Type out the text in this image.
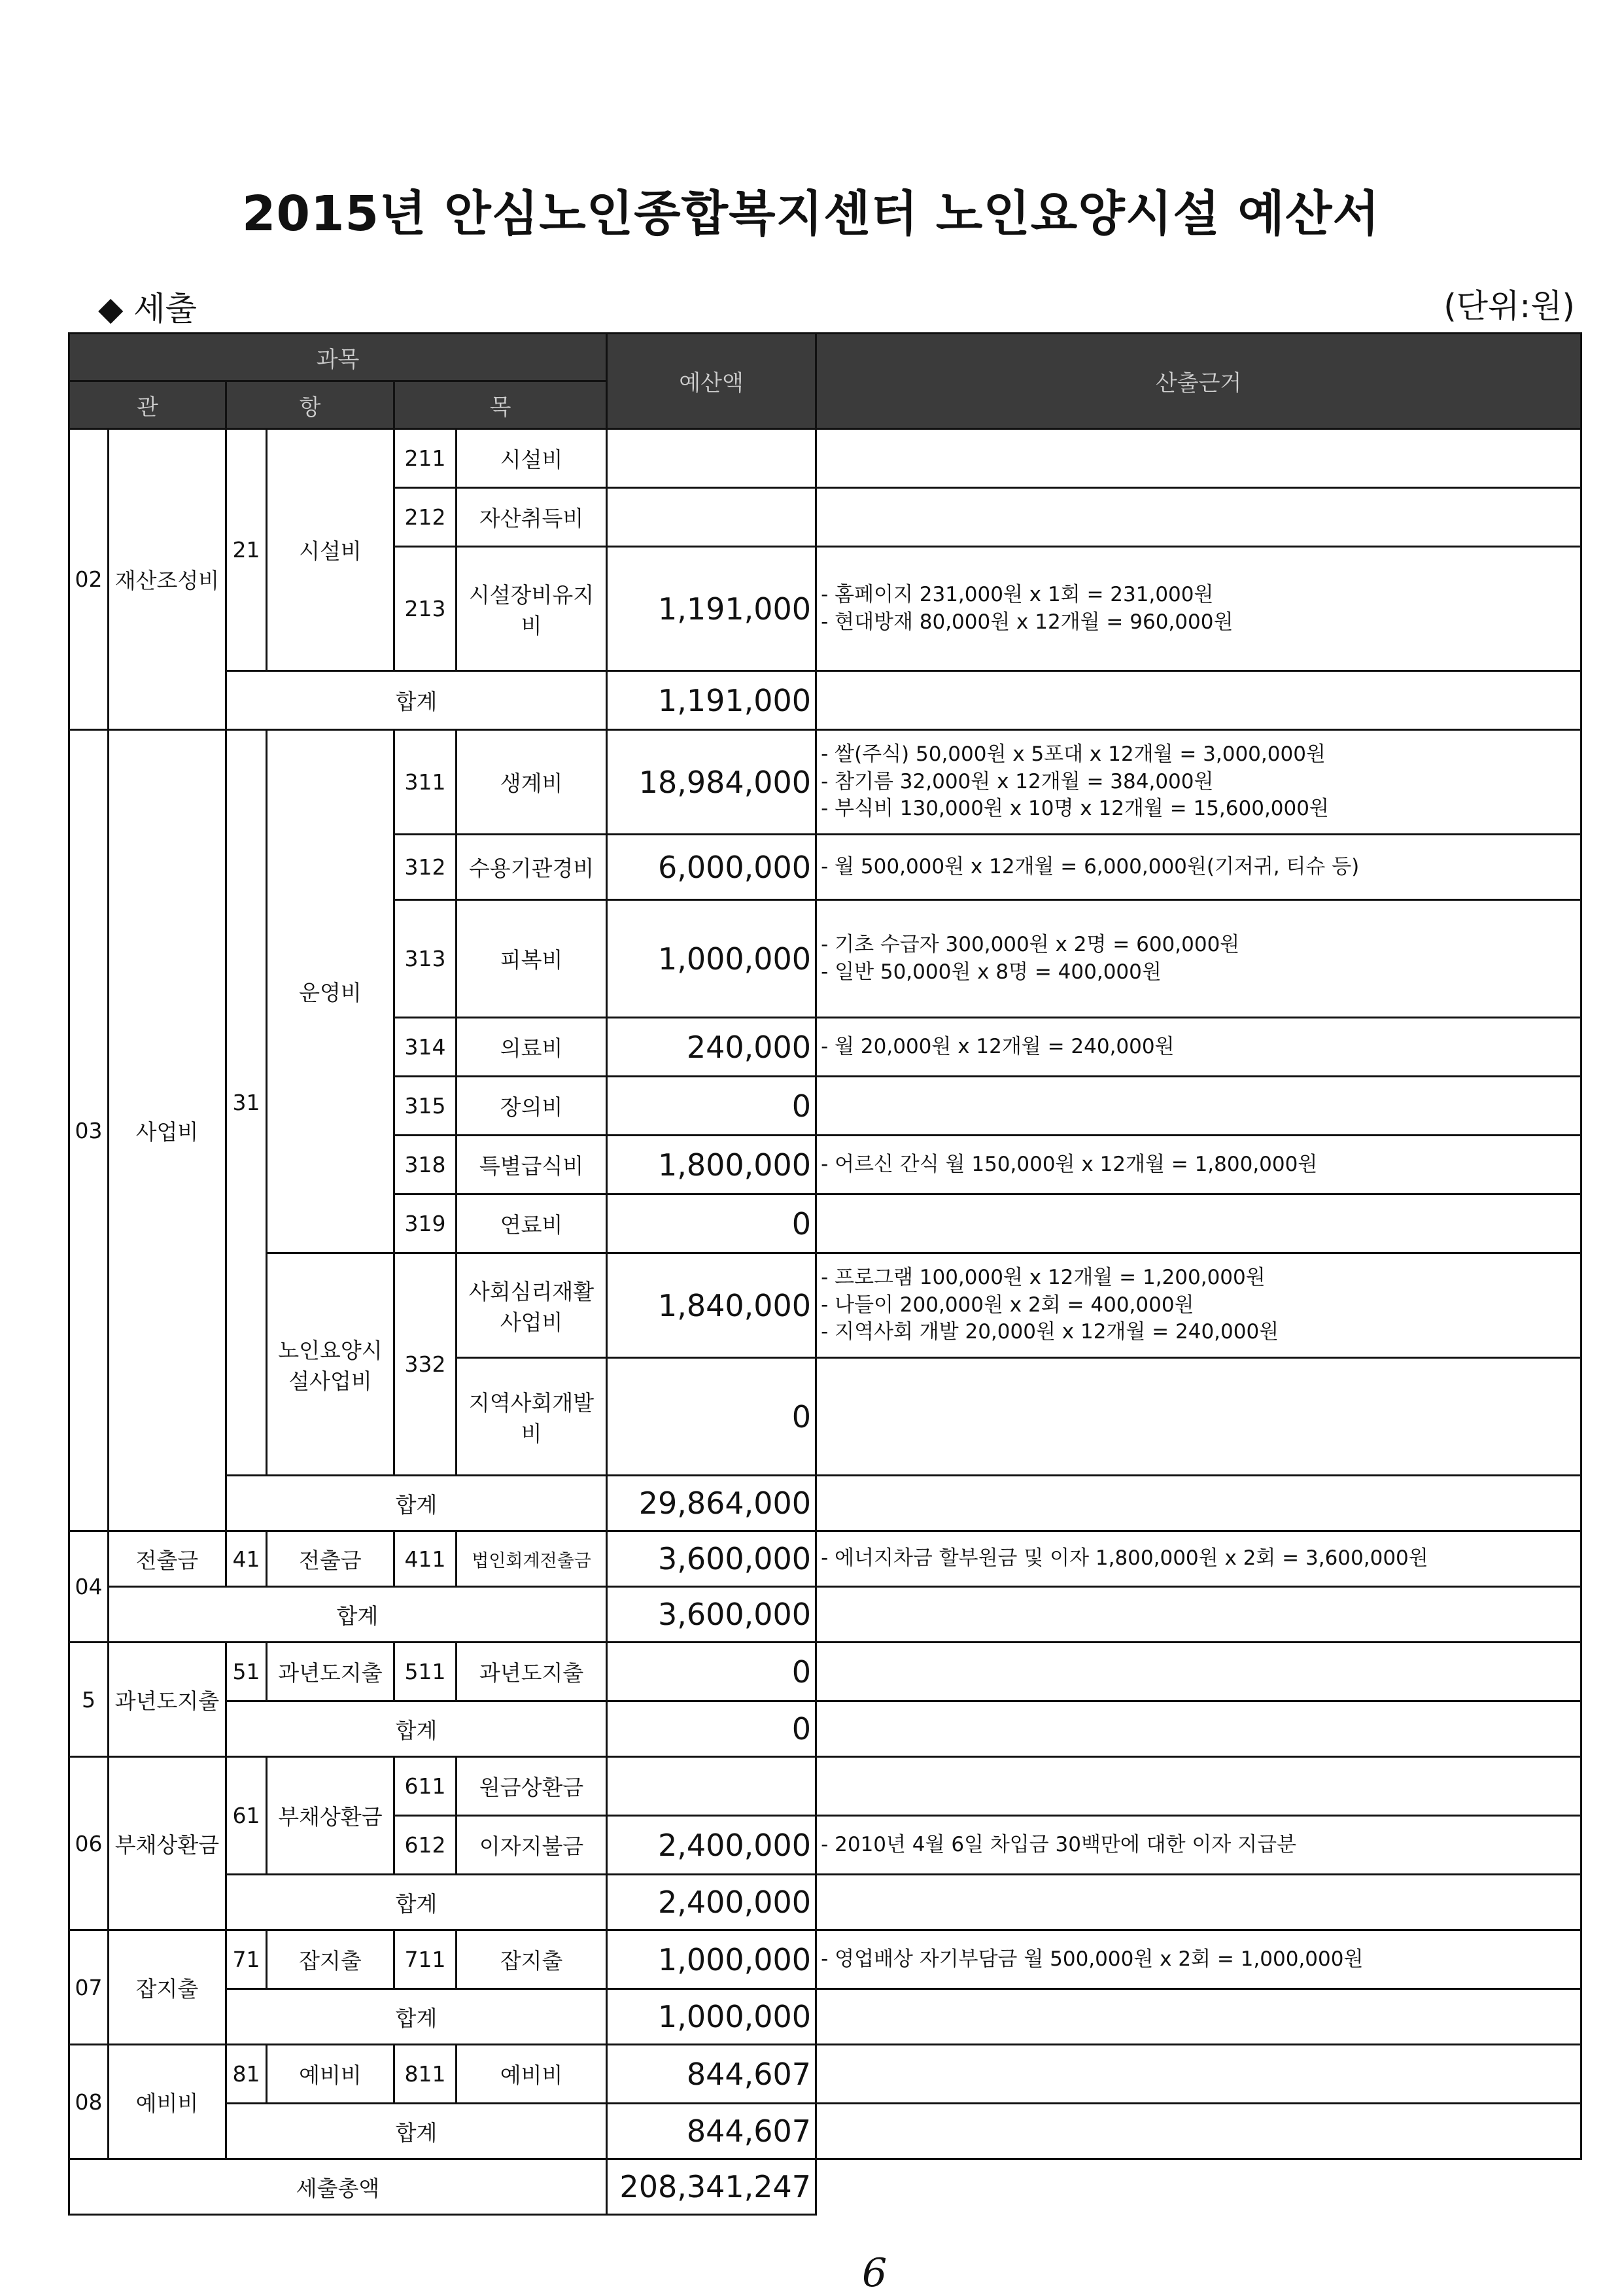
2015년 안심노인종합복지센터 노인요양시설 예산서
◆ 세출	(단위:원)
과목						예산액	산출근거
관		항		목			
02	재산조성비	21	시설비	211	시설비		
				212	자산취득비		
				213	시설장비유지비	1,191,000	- 홈페이지 231,000원 x 1회 = 231,000원
- 현대방재 80,000원 x 12개월 = 960,000원
		합계				1,191,000	
03	사업비	31	운영비	311	생계비	18,984,000	- 쌀(주식) 50,000원 x 5포대 x 12개월 = 3,000,000원
- 참기름 32,000원 x 12개월 = 384,000원
- 부식비 130,000원 x 10명 x 12개월 = 15,600,000원
				312	수용기관경비	6,000,000	- 월 500,000원 x 12개월 = 6,000,000원(기저귀, 티슈 등)
				313	피복비	1,000,000	- 기초 수급자 300,000원 x 2명 = 600,000원
- 일반 50,000원 x 8명 = 400,000원
				314	의료비	240,000	- 월 20,000원 x 12개월 = 240,000원
				315	장의비	0	
				318	특별급식비	1,800,000	- 어르신 간식 월 150,000원 x 12개월 = 1,800,000원
				319	연료비	0	
			노인요양시설사업비	332	사회심리재활사업비	1,840,000	- 프로그램 100,000원 x 12개월 = 1,200,000원
- 나들이 200,000원 x 2회 = 400,000원
- 지역사회 개발 20,000원 x 12개월 = 240,000원
					지역사회개발비	0	
		합계				29,864,000	
04	전출금	41	전출금	411	법인회계전출금	3,600,000	- 에너지차금 할부원금 및 이자 1,800,000원 x 2회 = 3,600,000원
	합계					3,600,000	
5	과년도지출	51	과년도지출	511	과년도지출	0	
		합계				0	
06	부채상환금	61	부채상환금	611	원금상환금		
				612	이자지불금	2,400,000	- 2010년 4월 6일 차입금 30백만에 대한 이자 지급분
		합계				2,400,000	
07	잡지출	71	잡지출	711	잡지출	1,000,000	- 영업배상 자기부담금 월 500,000원 x 2회 = 1,000,000원
		합계				1,000,000	
08	예비비	81	예비비	811	예비비	844,607	
		합계				844,607	
세출총액						208,341,247	
6
